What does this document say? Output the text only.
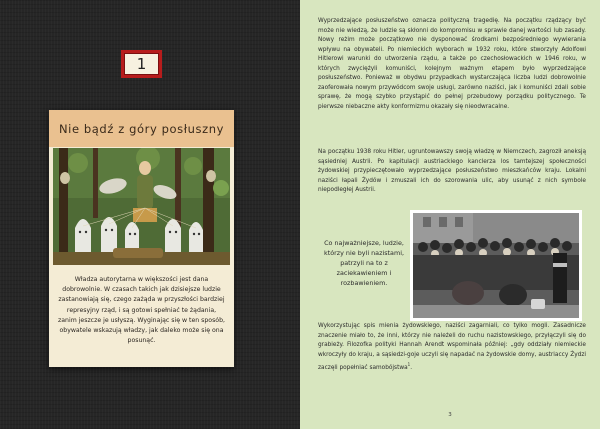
1
Nie bądź z góry posłuszny
Władza autorytarna w większości jest dana dobrowolnie. W czasach takich jak dzisiejsze ludzie zastanowiają się, czego zażąda w przyszłości bardziej represyjny rząd, i są gotowi spełniać te żądania, zanim jeszcze je usłyszą. Wyginając się w ten sposób, obywatele wskazują władzy, jak daleko może się ona posunąć.

Wyprzedzające posłuszeństwo oznacza polityczną tragedię. Na początku rządzący być może nie wiedzą, że ludzie są skłonni do kompromisu w sprawie danej wartości lub zasady. Nowy reżim może początkowo nie dysponować środkami bezpośredniego wywierania wpływu na obywateli. Po niemieckich wyborach w 1932 roku, które stworzyły Adolfowi Hitlerowi warunki do utworzenia rządu, a także po czechosłowackich w 1946 roku, w których zwyciężyli komuniści, kolejnym ważnym etapem było wyprzedzające posłuszeństwo. Ponieważ w obydwu przypadkach wystarczająca liczba ludzi dobrowolnie zaoferowała nowym przywódcom swoje usługi, zarówno naziści, jak i komuniści zdali sobie sprawę, że mogą szybko przystąpić do pełnej przebudowy porządku politycznego. Te pierwsze niebaczne akty konformizmu okazały się nieodwracalne.

Na początku 1938 roku Hitler, ugruntowawszy swoją władzę w Niemczech, zagroził aneksją sąsiedniej Austrii. Po kapitulacji austriackiego kanclerza los tamtejszej społeczności żydowskiej przypieczętowało wyprzedzające posłuszeństwo mieszkańców kraju. Lokalni naziści łapali Żydów i zmuszali ich do szorowania ulic, aby usunąć z nich symbole niepodległej Austrii.

Co najważniejsze, ludzie, którzy nie byli nazistami, patrzyli na to z zaciekawieniem i rozbawieniem.

Wykorzystując spis mienia żydowskiego, naziści zagarniali, co tylko mogli. Zasadnicze znaczenie miało to, że inni, którzy nie należeli do ruchu nazistowskiego, przyłączyli się do grabieży. Filozofka polityki Hannah Arendt wspominała później: „gdy oddziały niemieckie wkroczyły do kraju, a sąsiedzi-goje uczyli się napadać na żydowskie domy, austriaccy Żydzi zaczęli popełniać samobójstwa$^1$.

3
